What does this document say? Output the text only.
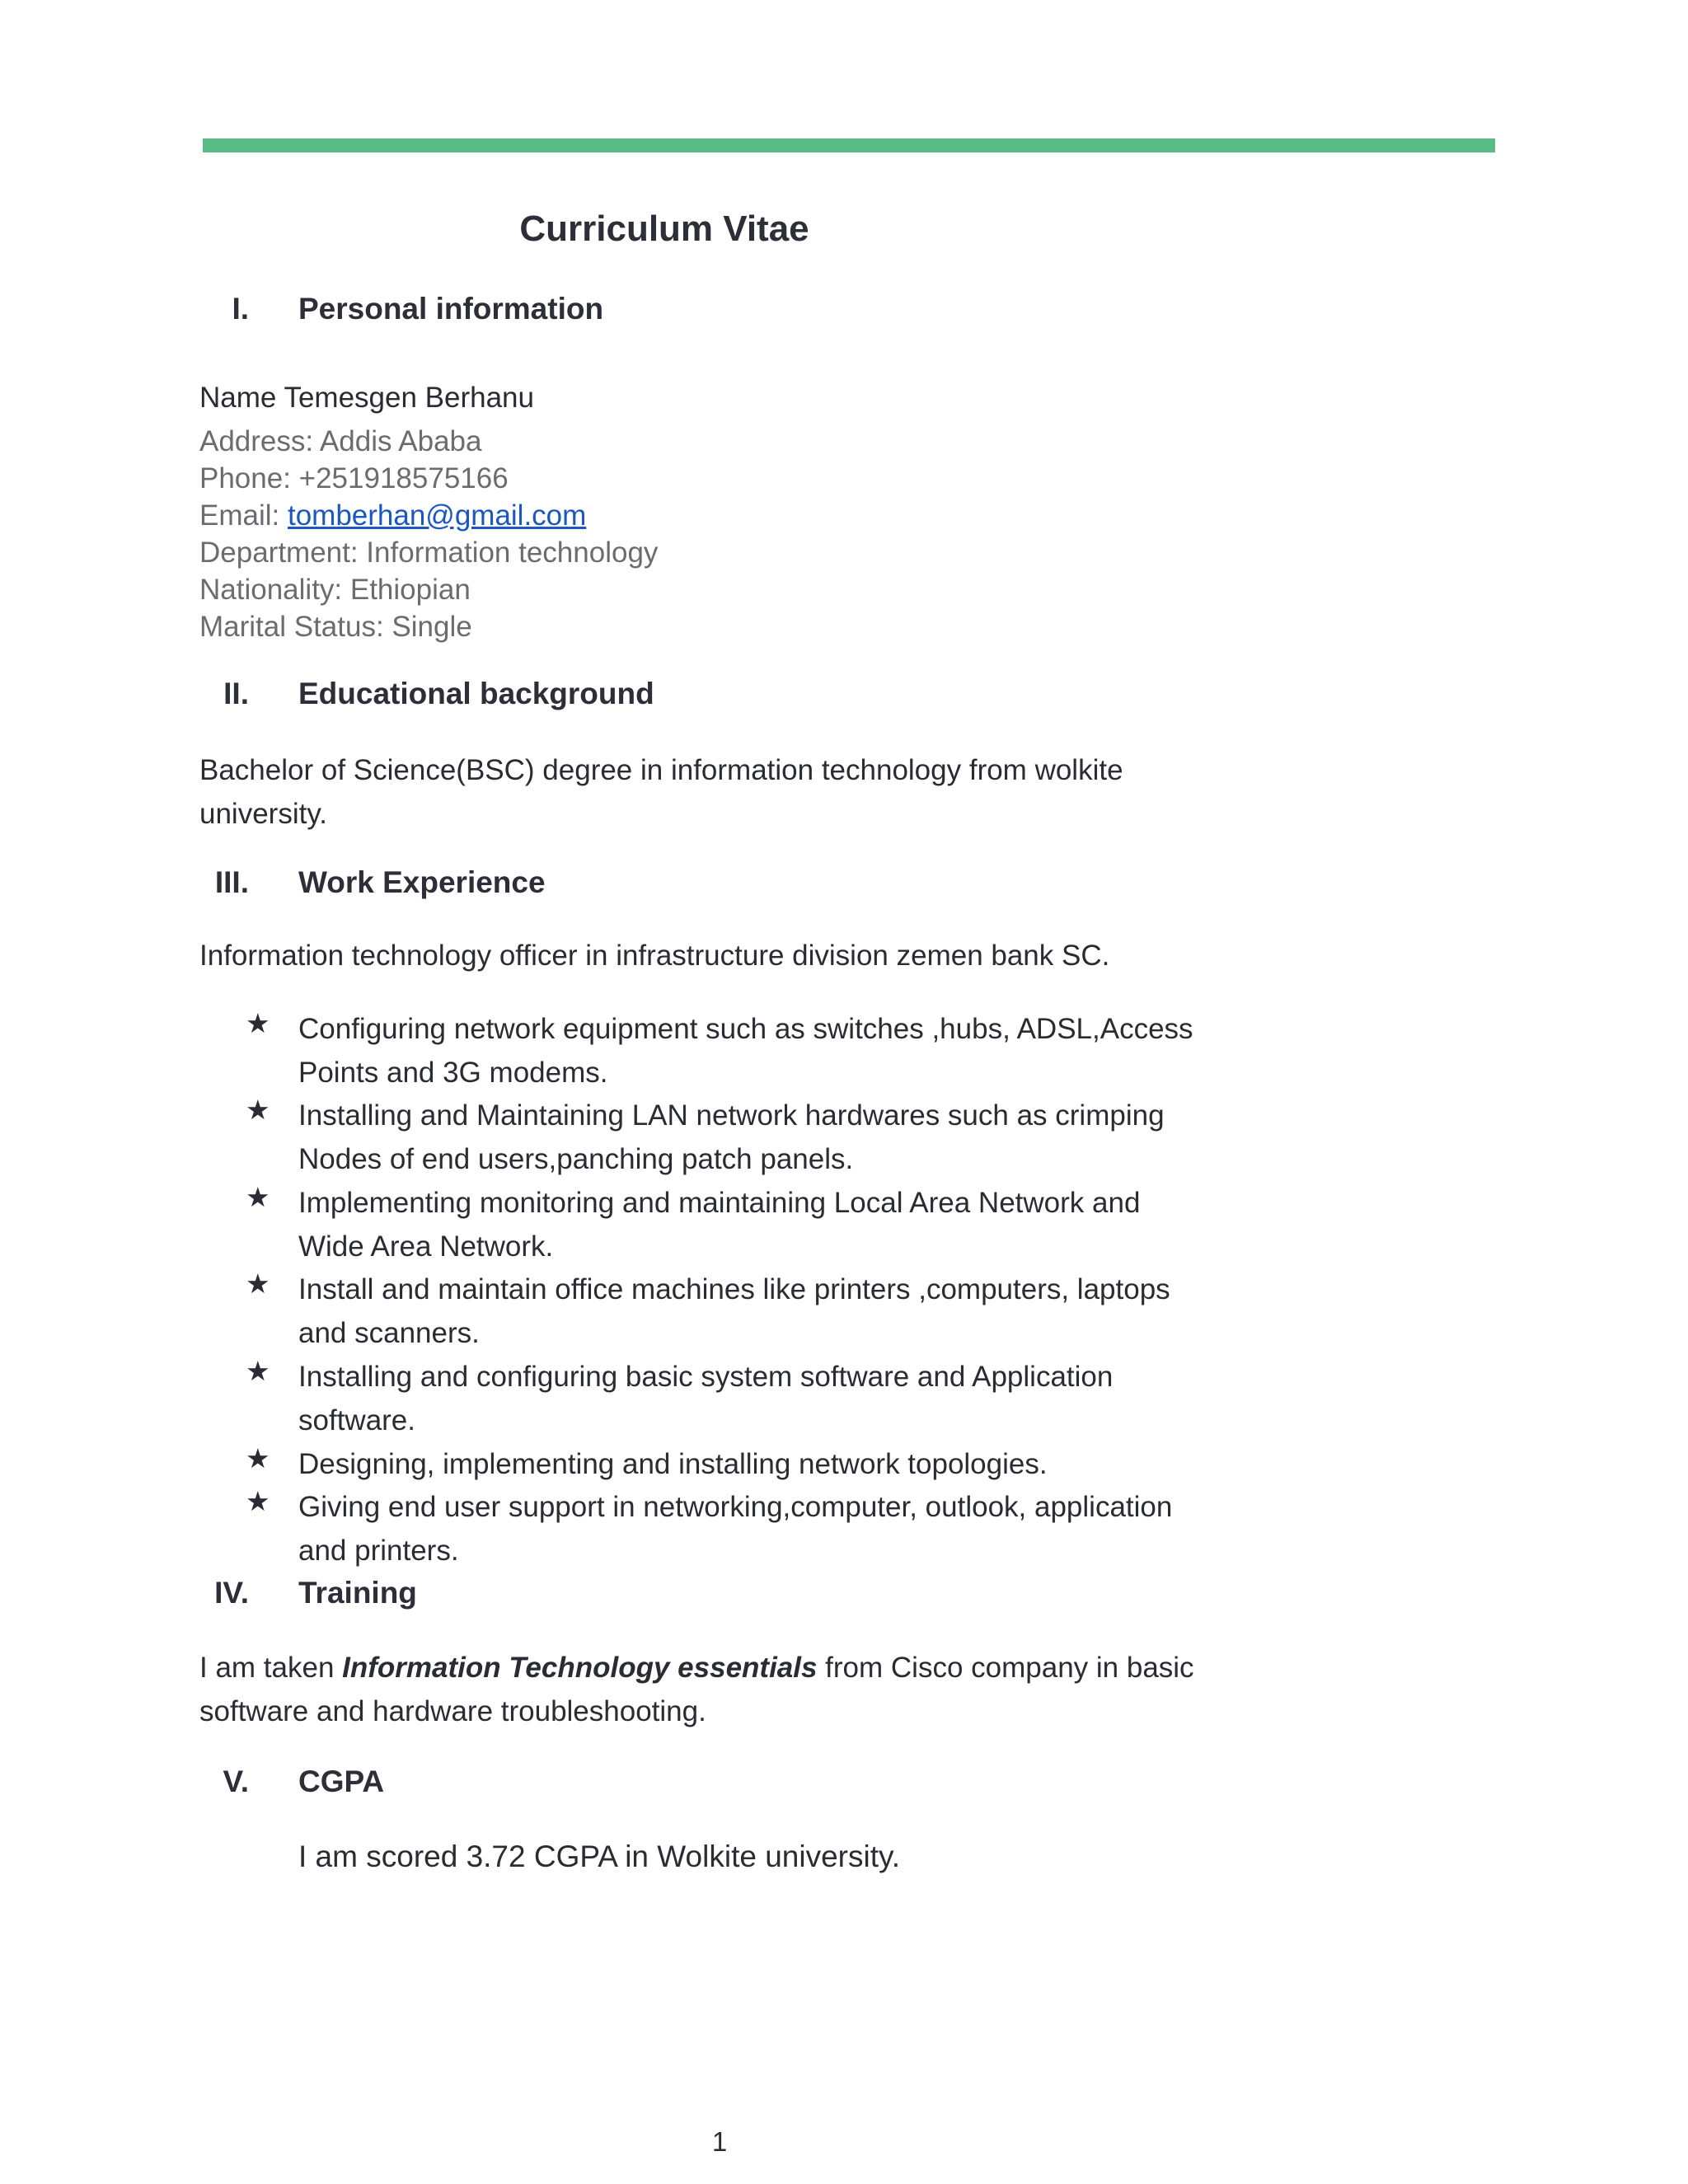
Curriculum Vitae
I. Personal information
Name Temesgen Berhanu
Address: Addis Ababa
Phone: +251918575166
Email: tomberhan@gmail.com
Department: Information technology
Nationality: Ethiopian
Marital Status: Single
II. Educational background
Bachelor of Science(BSC) degree in information technology from wolkite
university.
III. Work Experience
Information technology officer in infrastructure division zemen bank SC.
★ Configuring network equipment such as switches ,hubs, ADSL,Access
Points and 3G modems.
★ Installing and Maintaining LAN network hardwares such as crimping
Nodes of end users,panching patch panels.
★ Implementing monitoring and maintaining Local Area Network and
Wide Area Network.
★ Install and maintain office machines like printers ,computers, laptops
and scanners.
★ Installing and configuring basic system software and Application
software.
★ Designing, implementing and installing network topologies.
★ Giving end user support in networking,computer, outlook, application
and printers.
IV. Training
I am taken Information Technology essentials from Cisco company in basic
software and hardware troubleshooting.
V. CGPA
I am scored 3.72 CGPA in Wolkite university.
1
